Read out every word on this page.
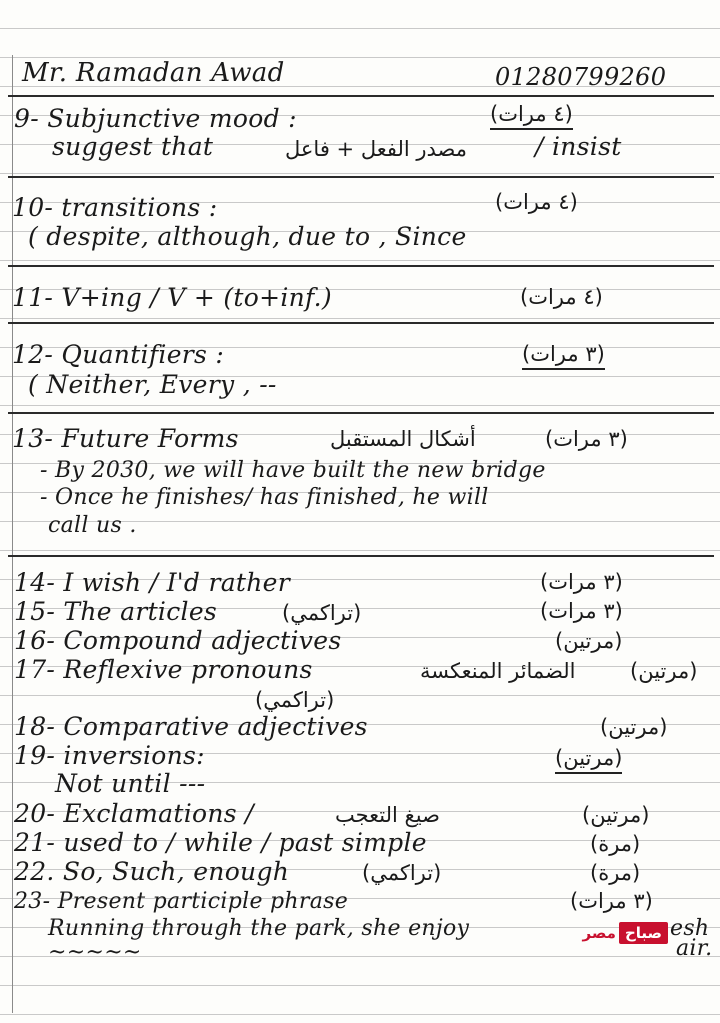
Mr. Ramadan Awad	01280799260
9- Subjunctive mood :	( ٤ مرات )
suggest that	مصدر الفعل + فاعل	/ insist
10- transitions :	( ٤ مرات )
( despite, although, due to , Since
11- V+ing / V + (to+inf.)	( ٤ مرات )
12- Quantifiers :	( ٣ مرات )
( Neither, Every , --
13- Future Forms	أشكال المستقبل	( ٣ مرات )
- By 2030, we will have built the new bridge
- Once he finishes/ has finished, he will
call us .
14- I wish / I'd rather	( ٣ مرات )
15- The articles	( تراكمي )	( ٣ مرات )
16- Compound adjectives	( مرتين )
17- Reflexive pronouns	الضمائر المنعكسة	( مرتين )
( تراكمي )
18- Comparative adjectives	( مرتين )
19- inversions:	( مرتين )
Not until ---
20- Exclamations /	صيغ التعجب	( مرتين )
21- used to / while / past simple	( مرة )
22. So, Such, enough	( تراكمي )	( مرة )
23- Present participle phrase	( ٣ مرات )
Running through the park, she enjoy	esh
air.
~~~~~
صباح
مصر
